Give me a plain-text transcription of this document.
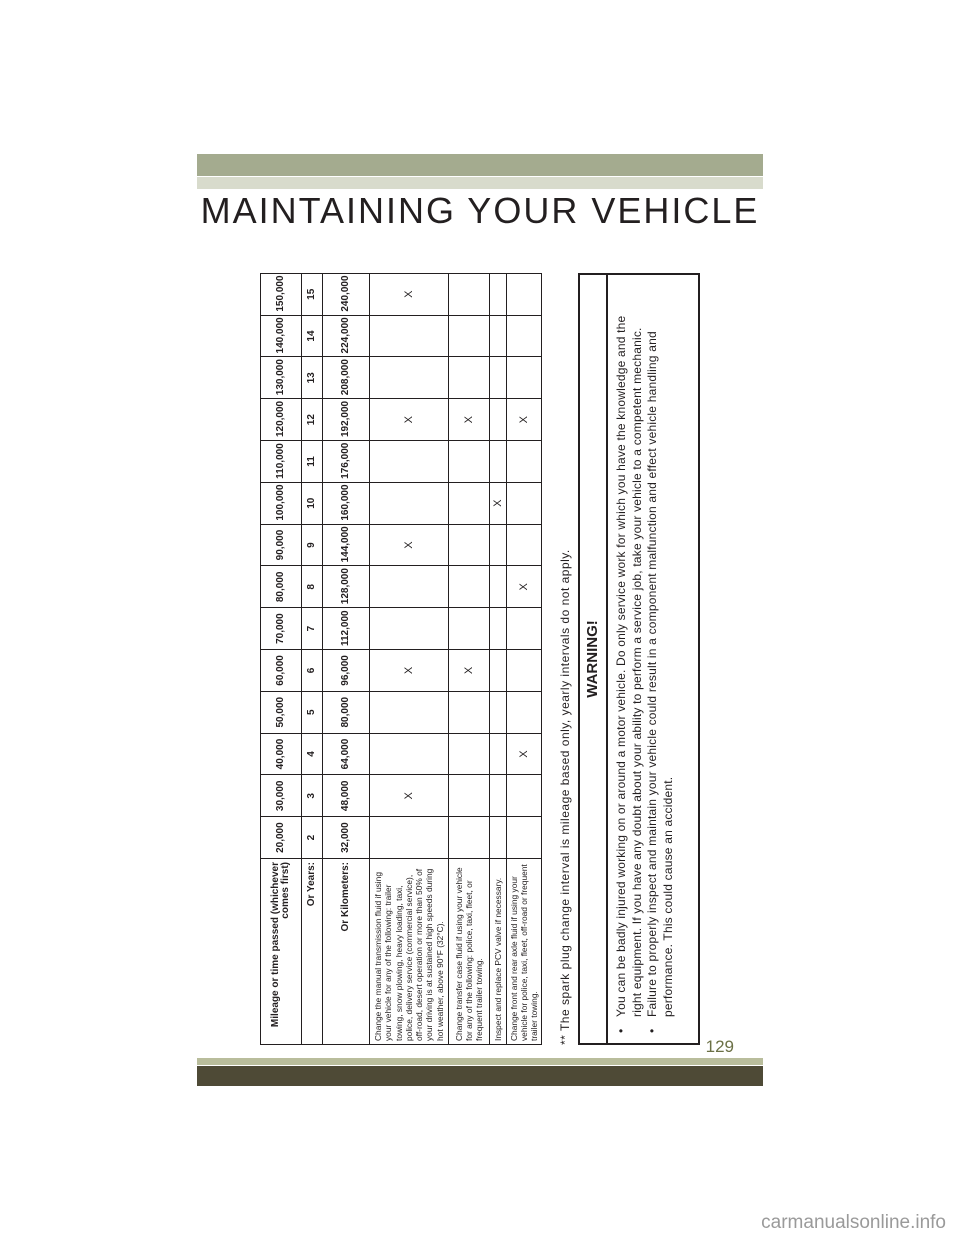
MAINTAINING YOUR VEHICLE
Mileage or time passed (whichever comes first)	20,000	30,000	40,000	50,000	60,000	70,000	80,000	90,000	100,000	110,000	120,000	130,000	140,000	150,000
Or Years:	2	3	4	5	6	7	8	9	10	11	12	13	14	15
Or Kilometers:	32,000	48,000	64,000	80,000	96,000	112,000	128,000	144,000	160,000	176,000	192,000	208,000	224,000	240,000
Change the manual transmission fluid if using your vehicle for any of the following: trailer towing, snow plowing, heavy loading, taxi, police, delivery service (commercial service), off-road, desert operation or more than 50% of your driving is at sustained high speeds during hot weather, above 90°F (32°C).		X			X			X			X			X
Change transfer case fluid if using your vehicle for any of the following: police, taxi, fleet, or frequent trailer towing.					X						X			
Inspect and replace PCV valve if necessary.									X					
Change front and rear axle fluid if using your vehicle for police, taxi, fleet, off-road or frequent trailer towing.			X				X				X			
** The spark plug change interval is mileage based only, yearly intervals do not apply. WARNING!
•
You can be badly injured working on or around a motor vehicle. Do only service work for which you have the knowledge and the right equipment. If you have any doubt about your ability to perform a service job, take your vehicle to a competent mechanic.
•
Failure to properly inspect and maintain your vehicle could result in a component malfunction and effect vehicle handling and performance. This could cause an accident.
129
carmanualsonline.info
